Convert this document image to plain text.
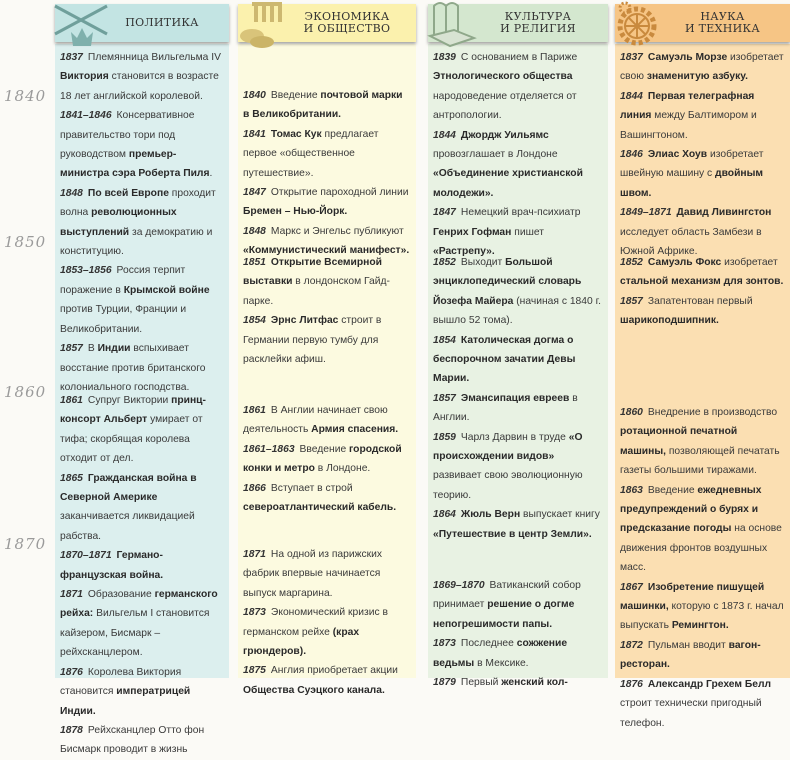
1840
1850
1860
1870
ПОЛИТИКА

1837 Племянница Вильгельма IV Виктория становится в возрасте 18 лет английской королевой.

1841–1846 Консервативное правительство тори под руководством премьер-министра сэра Роберта Пиля.

1848 По всей Европе проходит волна революционных выступлений за демократию и конституцию.

1853–1856 Россия терпит поражение в Крымской войне против Турции, Франции и Великобритании.

1857 В Индии вспыхивает восстание против британского колониального господства.

1861 Супруг Виктории принц-консорт Альберт умирает от тифа; скорбящая королева отходит от дел.

1865 Гражданская война в Северной Америке заканчивается ликвидацией рабства.

1870–1871 Германо-французская война.

1871 Образование германского рейха: Вильгельм I становится кайзером, Бисмарк – рейхсканцлером.

1876 Королева Виктория становится императрицей Индии.

1878 Рейхсканцлер Отто фон Бисмарк проводит в жизнь

ЭКОНОМИКА
И ОБЩЕСТВО

1840 Введение почтовой марки в Великобритании.

1841 Томас Кук предлагает первое «общественное путешествие».

1847 Открытие пароходной линии Бремен – Нью-Йорк.

1848 Маркс и Энгельс публикуют «Коммунистический манифест».

1851 Открытие Всемирной выставки в лондонском Гайд-парке.

1854 Эрнс Литфас строит в Германии первую тумбу для расклейки афиш.

1861 В Англии начинает свою деятельность Армия спасения.

1861–1863 Введение городской конки и метро в Лондоне.

1866 Вступает в строй североатлантический кабель.

1871 На одной из парижских фабрик впервые начинается выпуск маргарина.

1873 Экономический кризис в германском рейхе (крах грюндеров).

1875 Англия приобретает акции Общества Суэцкого канала.

КУЛЬТУРА
И РЕЛИГИЯ

1839 С основанием в Париже Этнологического общества народоведение отделяется от антропологии.

1844 Джордж Уильямс провозглашает в Лондоне «Объединение христианской молодежи».

1847 Немецкий врач-психиатр Генрих Гофман пишет «Растрепу».

1852 Выходит Большой энциклопедический словарь Йозефа Майера (начиная с 1840 г. вышло 52 тома).

1854 Католическая догма о беспорочном зачатии Девы Марии.

1857 Эмансипация евреев в Англии.

1859 Чарлз Дарвин в труде «О происхождении видов» развивает свою эволюционную теорию.

1864 Жюль Верн выпускает книгу «Путешествие в центр Земли».

1869–1870 Ватиканский собор принимает решение о догме непогрешимости папы.

1873 Последнее сожжение ведьмы в Мексике.

1879 Первый женский кол-

НАУКА
И ТЕХНИКА

1837 Самуэль Морзе изобретает свою знаменитую азбуку.

1844 Первая телеграфная линия между Балтимором и Вашингтоном.

1846 Элиас Хоув изобретает швейную машину с двойным швом.

1849–1871 Давид Ливингстон исследует область Замбези в Южной Африке.

1852 Самуэль Фокс изобретает стальной механизм для зонтов.

1857 Запатентован первый шарикоподшипник.

1860 Внедрение в производство ротационной печатной машины, позволяющей печатать газеты большими тиражами.

1863 Введение ежедневных предупреждений о бурях и предсказание погоды на основе движения фронтов воздушных масс.

1867 Изобретение пишущей машинки, которую с 1873 г. начал выпускать Ремингтон.

1872 Пульман вводит вагон-ресторан.

1876 Александр Грехем Белл строит технически пригодный телефон.
